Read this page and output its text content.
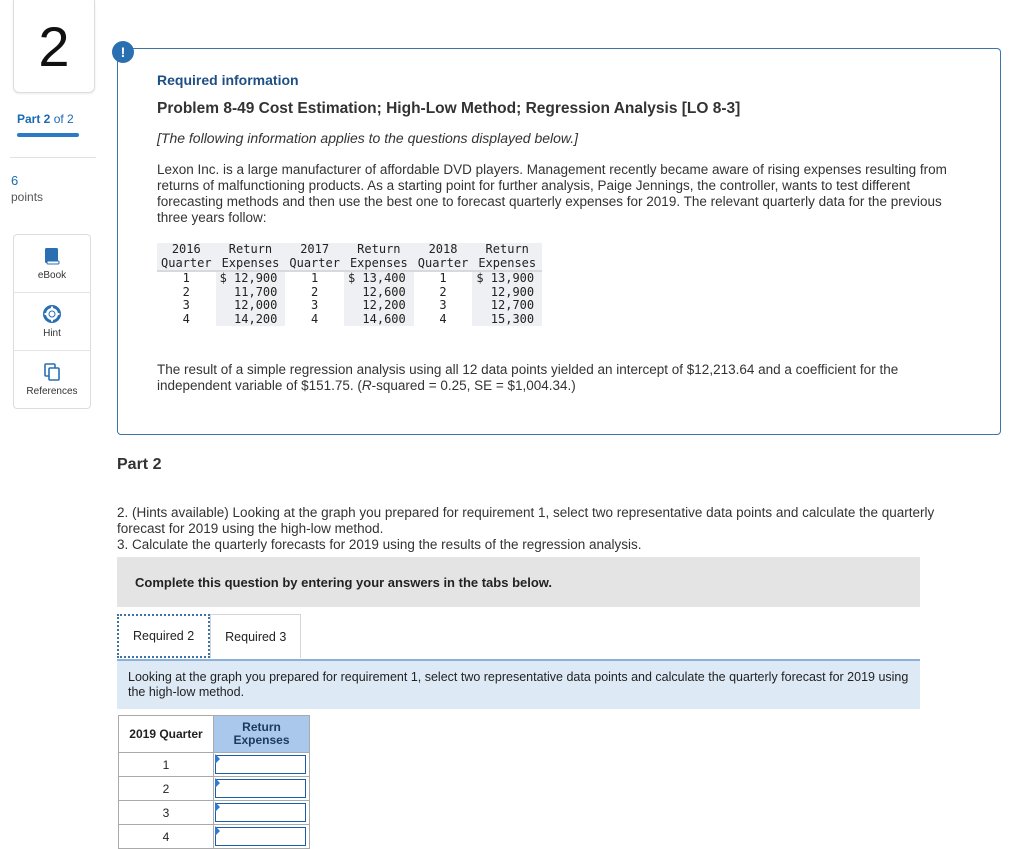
2
Part 2 of 2
6
points
eBook
Hint
References
!
Required information
Problem 8-49 Cost Estimation; High-Low Method; Regression Analysis [LO 8-3]
[The following information applies to the questions displayed below.]
Lexon Inc. is a large manufacturer of affordable DVD players. Management recently became aware of rising expenses resulting from returns of malfunctioning products. As a starting point for further analysis, Paige Jennings, the controller, wants to test different forecasting methods and then use the best one to forecast quarterly expenses for 2019. The relevant quarterly data for the previous three years follow:
2016	Return	2017	Return	2018	Return
Quarter	Expenses	Quarter	Expenses	Quarter	Expenses
1	$ 12,900	1	$ 13,400	1	$ 13,900
2	11,700	2	12,600	2	12,900
3	12,000	3	12,200	3	12,700
4	14,200	4	14,600	4	15,300
The result of a simple regression analysis using all 12 data points yielded an intercept of $12,213.64 and a coefficient for the independent variable of $151.75. (R-squared = 0.25, SE = $1,004.34.)
Part 2
2. (Hints available) Looking at the graph you prepared for requirement 1, select two representative data points and calculate the quarterly forecast for 2019 using the high-low method.
3. Calculate the quarterly forecasts for 2019 using the results of the regression analysis.
Complete this question by entering your answers in the tabs below.
Required 2	Required 3
Looking at the graph you prepared for requirement 1, select two representative data points and calculate the quarterly forecast for 2019 using the high-low method.
2019 Quarter	Return Expenses
1	

2	

3	

4	
